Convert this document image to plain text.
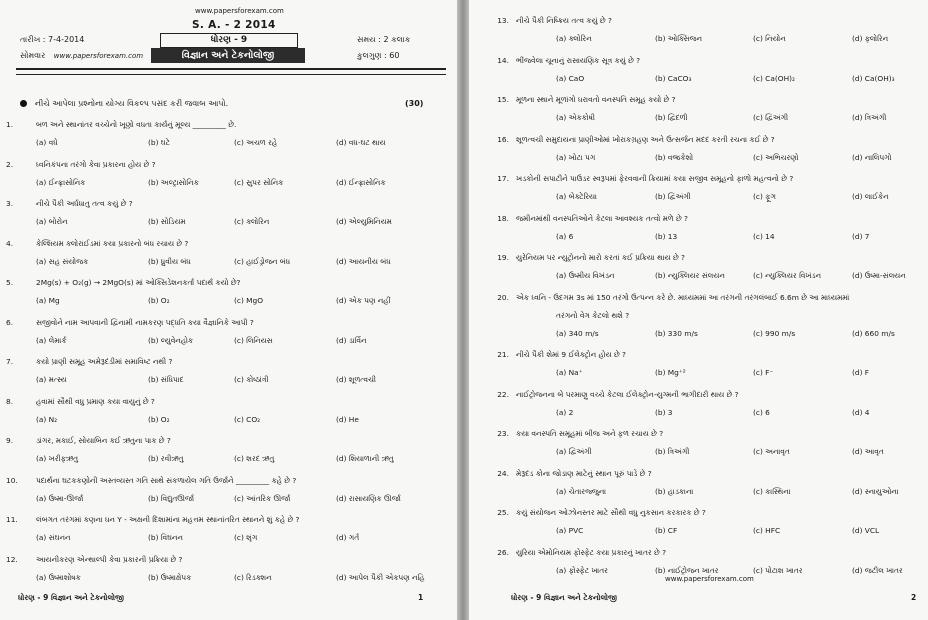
www.papersforexam.com
S. A. - 2 2014
તારીખ : 7-4-2014	ધોરણ - 9	સમય : 2 કલાક
સોમવાર www.papersforexam.com	વિજ્ઞાન અને ટેકનોલોજી	કુલગુણ : 60
નીચે આપેલા પ્રશ્નોના યોગ્ય વિકલ્પ પસંદ કરી જવાબ આપો.	(30)
1.	બળ અને સ્થાનાંતર વચ્ચેનો ખૂણો વધતા કાર્યનું મૂલ્ય _________ છે.
(a) વધે	(b) ઘટે	(c) અચળ રહે	(d) વધ-ઘટ થાય
2.	ધ્વનિકંપના તરંગો કેવા પ્રકારના હોય છે ?
(a) ઈન્ફ્રાસોનિક	(b) અલ્ટ્રાસોનિક	(c) સુપર સોનિક	(d) ઈન્ફ્રાસોનિક
3.	નીચે પૈકી અર્ધધાતુ તત્વ કયું છે ?
(a) બોરોન	(b) સોડિયમ	(c) ક્લોરિન	(d) એલ્યુમિનિયમ
4.	કેલ્શિયમ ક્લોરાઈડમાં કયા પ્રકારનો બંધ રચાય છે ?
(a) સહ સંયોજક	(b) ધ્રુવીય બંધ	(c) હાઈડ્રોજન બંધ	(d) આયનીય બંધ
5.	2Mg(s) + O₂(g) → 2MgO(s) માં ઓક્સિડેશનકર્તા પદાર્થ કયો છે?
(a) Mg	(b) O₂	(c) MgO	(d) એક પણ નહીં
6.	સજીવોને નામ આપવાની દ્વિનામી નામકરણ પદ્ધતિ કયા વૈજ્ઞાનિકે આપી ?
(a) લેમાર્ક	(b) લ્યુવેનહોક	(c) લિનિયસ	(d) ડાર્વિન
7.	કયો પ્રાણી સમૂહ અમેરૂદંડીમાં સમાવિષ્ટ નથી ?
(a) મત્સ્ય	(b) સંધિપાદ	(c) કોષ્ઠાંત્રી	(d) શૂળત્વચી
8.	હવામાં સૌથી વધુ પ્રમાણ કયા વાયુનું છે ?
(a) N₂	(b) O₂	(c) CO₂	(d) He
9.	ડાંગર, મકાઈ, સોયાબિન કઈ ઋતુના પાક છે ?
(a) ખરીફઋતુ	(b) રવીઋતુ	(c) શરદ ઋતુ	(d) શિયાળાની ઋતુ
10. પદાર્થના ઘટકકણોની અસ્તવ્યસ્ત ગતિ સાથે સંકળાયેલ ગતિ ઉર્જાને _________ કહે છે ?
(a) ઉષ્મા-ઊર્જા	(b) વિદ્યુતઊર્જા	(c) આંતરિક ઊર્જા	(d) રાસાયણિક ઊર્જા
11. લંબગત તરંગમાં કણના ધન Y - અક્ષની દિશામાંના મહત્તમ સ્થાનાંતરિત સ્થાનને શું કહે છે ?
(a) સંઘનન	(b) વિઘનન	(c) શૃંગ	(d) ગર્ત
12. આયનીકરણ એન્થાલ્પી કેવા પ્રકારની પ્રક્રિયા છે ?
(a) ઉષ્માશોષક	(b) ઉષ્માક્ષેપક	(c) રિડક્શન	(d) આપેલ પૈકી એકપણ નહિ
ધોરણ - 9 વિજ્ઞાન અને ટેકનોલોજી	1
13. નીચે પૈકી નિષ્ક્રિય તત્વ કયું છે ?
(a) ક્લોરિન	(b) ઓક્સિજન	(c) નિયોન	(d) ફ્લોરિન
14. ભીંજવેલા ચૂનાનું રાસાયણિક સૂત્ર કયું છે ?
(a) CaO	(b) CaCO₃	(c) Ca(OH)₂	(d) Ca(OH)₃
15. મૂળના સ્થાને મૂળાંગો ધરાવતો વનસ્પતિ સમૂહ કયો છે ?
(a) એકકોષી	(b) દ્વિદળી	(c) દ્વિઅંગી	(d) ત્રિઅંગી
16. શૂળત્વચી સમુદાયના પ્રાણીઓમાં ખોરાકગ્રહણ અને ઉત્સર્જન મદદ કરતી રચના કઈ છે ?
(a) ખોટા પગ	(b) વજ્રકેશો	(c) અભિચરણો	(d) નાલિપગો
17. ખડકોની સપાટીને પાઉડર સ્વરૂપમાં ફેરવવાની ક્રિયામાં કયા સજીવ સમૂહનો ફાળો મહત્વનો છે ?
(a) બેક્ટેરિયા	(b) દ્વિઅંગી	(c) ફૂગ	(d) લાઈકેન
18. જમીનમાંથી વનસ્પતિઓને કેટલા આવશ્યક તત્વો મળે છે ?
(a) 6	(b) 13	(c) 14	(d) 7
19. યુરેનિયમ પર ન્યુટ્રોનનો મારો કરતાં કઈ પ્રક્રિયા થાય છે ?
(a) ઉષ્મીય વિખંડન	(b) ન્યુક્લિયર સંલયન	(c) ન્યુક્લિયર વિખંડન	(d) ઉષ્મા-સંલયન
20. એક ધ્વનિ - ઉદગમ 3s માં 150 તરંગો ઉત્પન્ન કરે છે. માધ્યમમાં આ તરંગની તરંગલંબાઈ 6.6m છે આ માધ્યમમાં
તરંગનો વેગ કેટલો થશે ?
(a) 340 m/s	(b) 330 m/s	(c) 990 m/s	(d) 660 m/s
21. નીચે પૈકી શેમાં 9 ઈલેક્ટ્રોન હોય છે ?
(a) Na⁺	(b) Mg⁺²	(c) F⁻	(d) F
22. નાઈટ્રોજનના બે પરમાણુ વચ્ચે કેટલા ઈલેક્ટ્રોન-યુગ્મની ભાગીદારી થાય છે ?
(a) 2	(b) 3	(c) 6	(d) 4
23. કયા વનસ્પતિ સમૂહમાં બીજ અને ફળ રચાય છે ?
(a) દ્વિઅંગી	(b) ત્રિઅંગી	(c) અનાવૃત	(d) આવૃત
24. મેરૂદંડ કોના જોડાણ માટેનું સ્થાન પૂરું પાડે છે ?
(a) ચેતારજ્જુના	(b) હાડકાના	(c) કાસ્થિના	(d) સ્નાયુઓના
25. કયું સંયોજન ઓઝોનસ્તર માટે સૌથી વધુ નુકસાન કરકારક છે ?
(a) PVC	(b) CF	(c) HFC	(d) VCL
26. યુરિયા એમોનિયમ ફોસ્ફેટ કયા પ્રકારનું ખાતર છે ?
(a) ફોસ્ફેટ ખાતર	(b) નાઈટ્રોજન ખાતર	(c) પોટાશ ખાતર	(d) જટીલ ખાતર
www.papersforexam.com
ધોરણ - 9 વિજ્ઞાન અને ટેકનોલોજી	2
